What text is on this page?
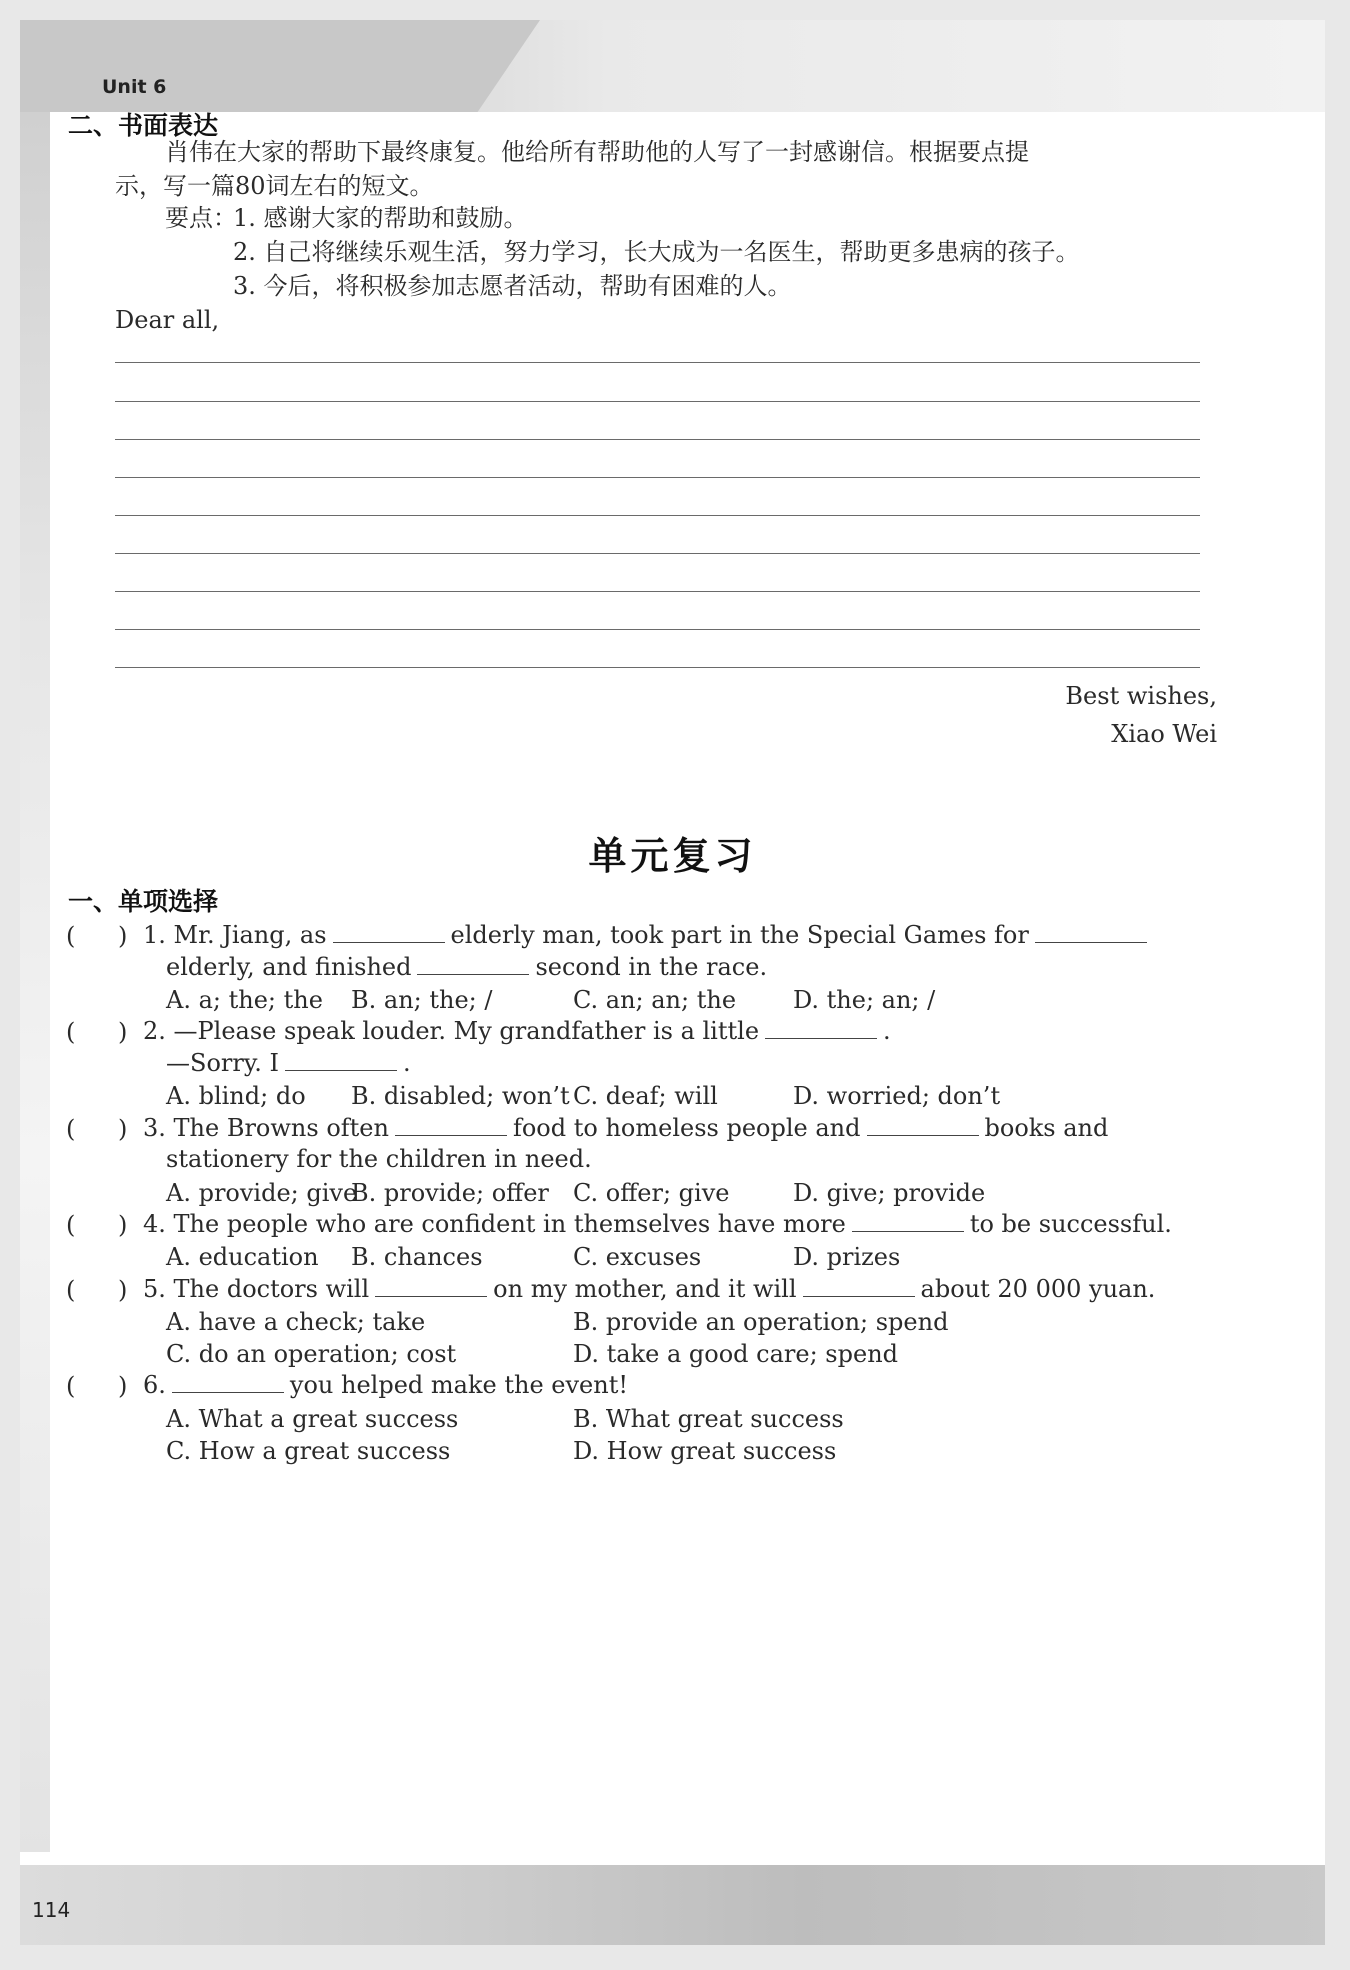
Unit 6
二、书面表达
肖伟在大家的帮助下最终康复。他给所有帮助他的人写了一封感谢信。根据要点提
示，写一篇80词左右的短文。
要点：
1. 感谢大家的帮助和鼓励。
2. 自己将继续乐观生活，努力学习，长大成为一名医生，帮助更多患病的孩子。
3. 今后，将积极参加志愿者活动，帮助有困难的人。
Dear all,
Best wishes,
Xiao Wei
单元复习
一、单项选择
( ) 1. Mr. Jiang, as	elderly man, took part in the Special Games for
elderly, and finished	second in the race.
A. a; the; the B. an; the; /	C. an; an; the D. the; an; /
( ) 2. —Please speak louder. My grandfather is a little	.
—Sorry. I	.
A. blind; do B. disabled; won’t C. deaf; will	D. worried; don’t
( ) 3. The Browns often	food to homeless people and	books and
stationery for the children in need.
A. provide; give
B. provide; offer C. offer; give	D. give; provide
( ) 4. The people who are confident in themselves have more	to be successful.
A. education B. chances	C. excuses	D. prizes
( ) 5. The doctors will	on my mother, and it will	about 20 000 yuan.
A. have a check; take	B. provide an operation; spend
C. do an operation; cost	D. take a good care; spend
( ) 6.	you helped make the event!
A. What a great success	B. What great success
C. How a great success	D. How great success
114
